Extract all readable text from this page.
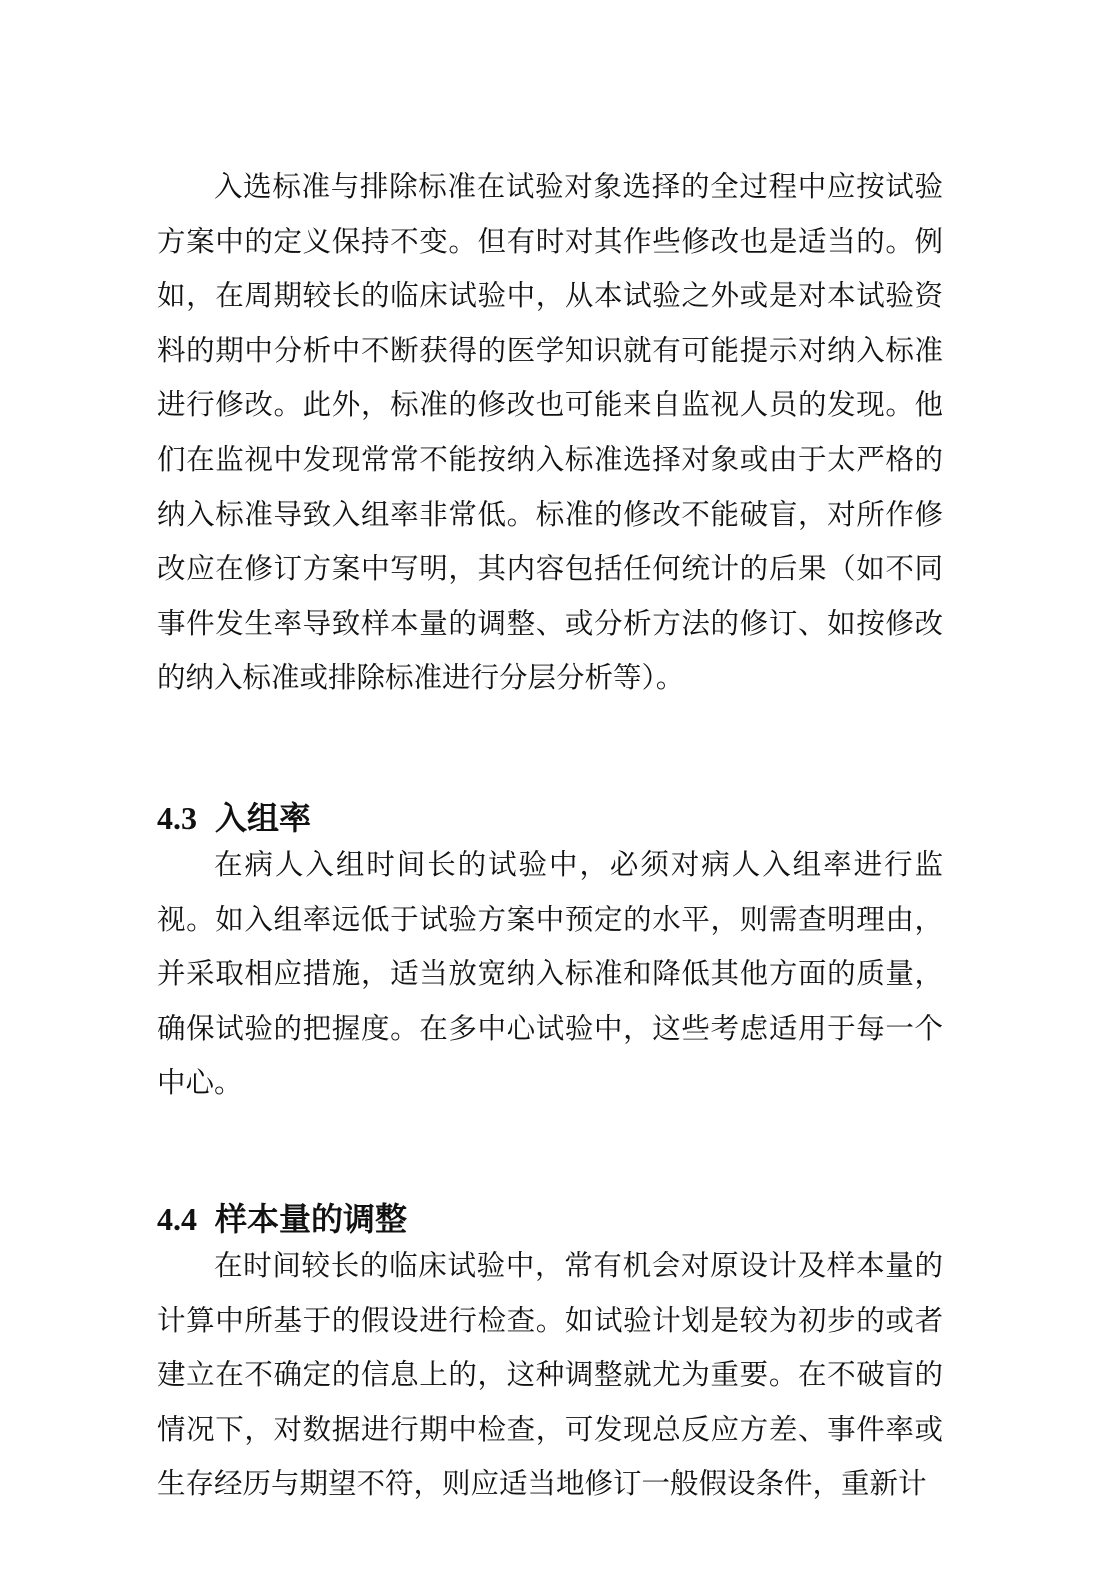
入选标准与排除标准在试验对象选择的全过程中应按试验方案中的定义保持不变。但有时对其作些修改也是适当的。例如，在周期较长的临床试验中，从本试验之外或是对本试验资料的期中分析中不断获得的医学知识就有可能提示对纳入标准进行修改。此外，标准的修改也可能来自监视人员的发现。他们在监视中发现常常不能按纳入标准选择对象或由于太严格的纳入标准导致入组率非常低。标准的修改不能破盲，对所作修改应在修订方案中写明，其内容包括任何统计的后果（如不同事件发生率导致样本量的调整、或分析方法的修订、如按修改的纳入标准或排除标准进行分层分析等）。

4.3 入组率

在病人入组时间长的试验中，必须对病人入组率进行监视。如入组率远低于试验方案中预定的水平，则需查明理由，并采取相应措施，适当放宽纳入标准和降低其他方面的质量，确保试验的把握度。在多中心试验中，这些考虑适用于每一个中心。

4.4 样本量的调整

在时间较长的临床试验中，常有机会对原设计及样本量的计算中所基于的假设进行检查。如试验计划是较为初步的或者建立在不确定的信息上的，这种调整就尤为重要。在不破盲的情况下，对数据进行期中检查，可发现总反应方差、事件率或生存经历与期望不符，则应适当地修订一般假设条件，重新计
